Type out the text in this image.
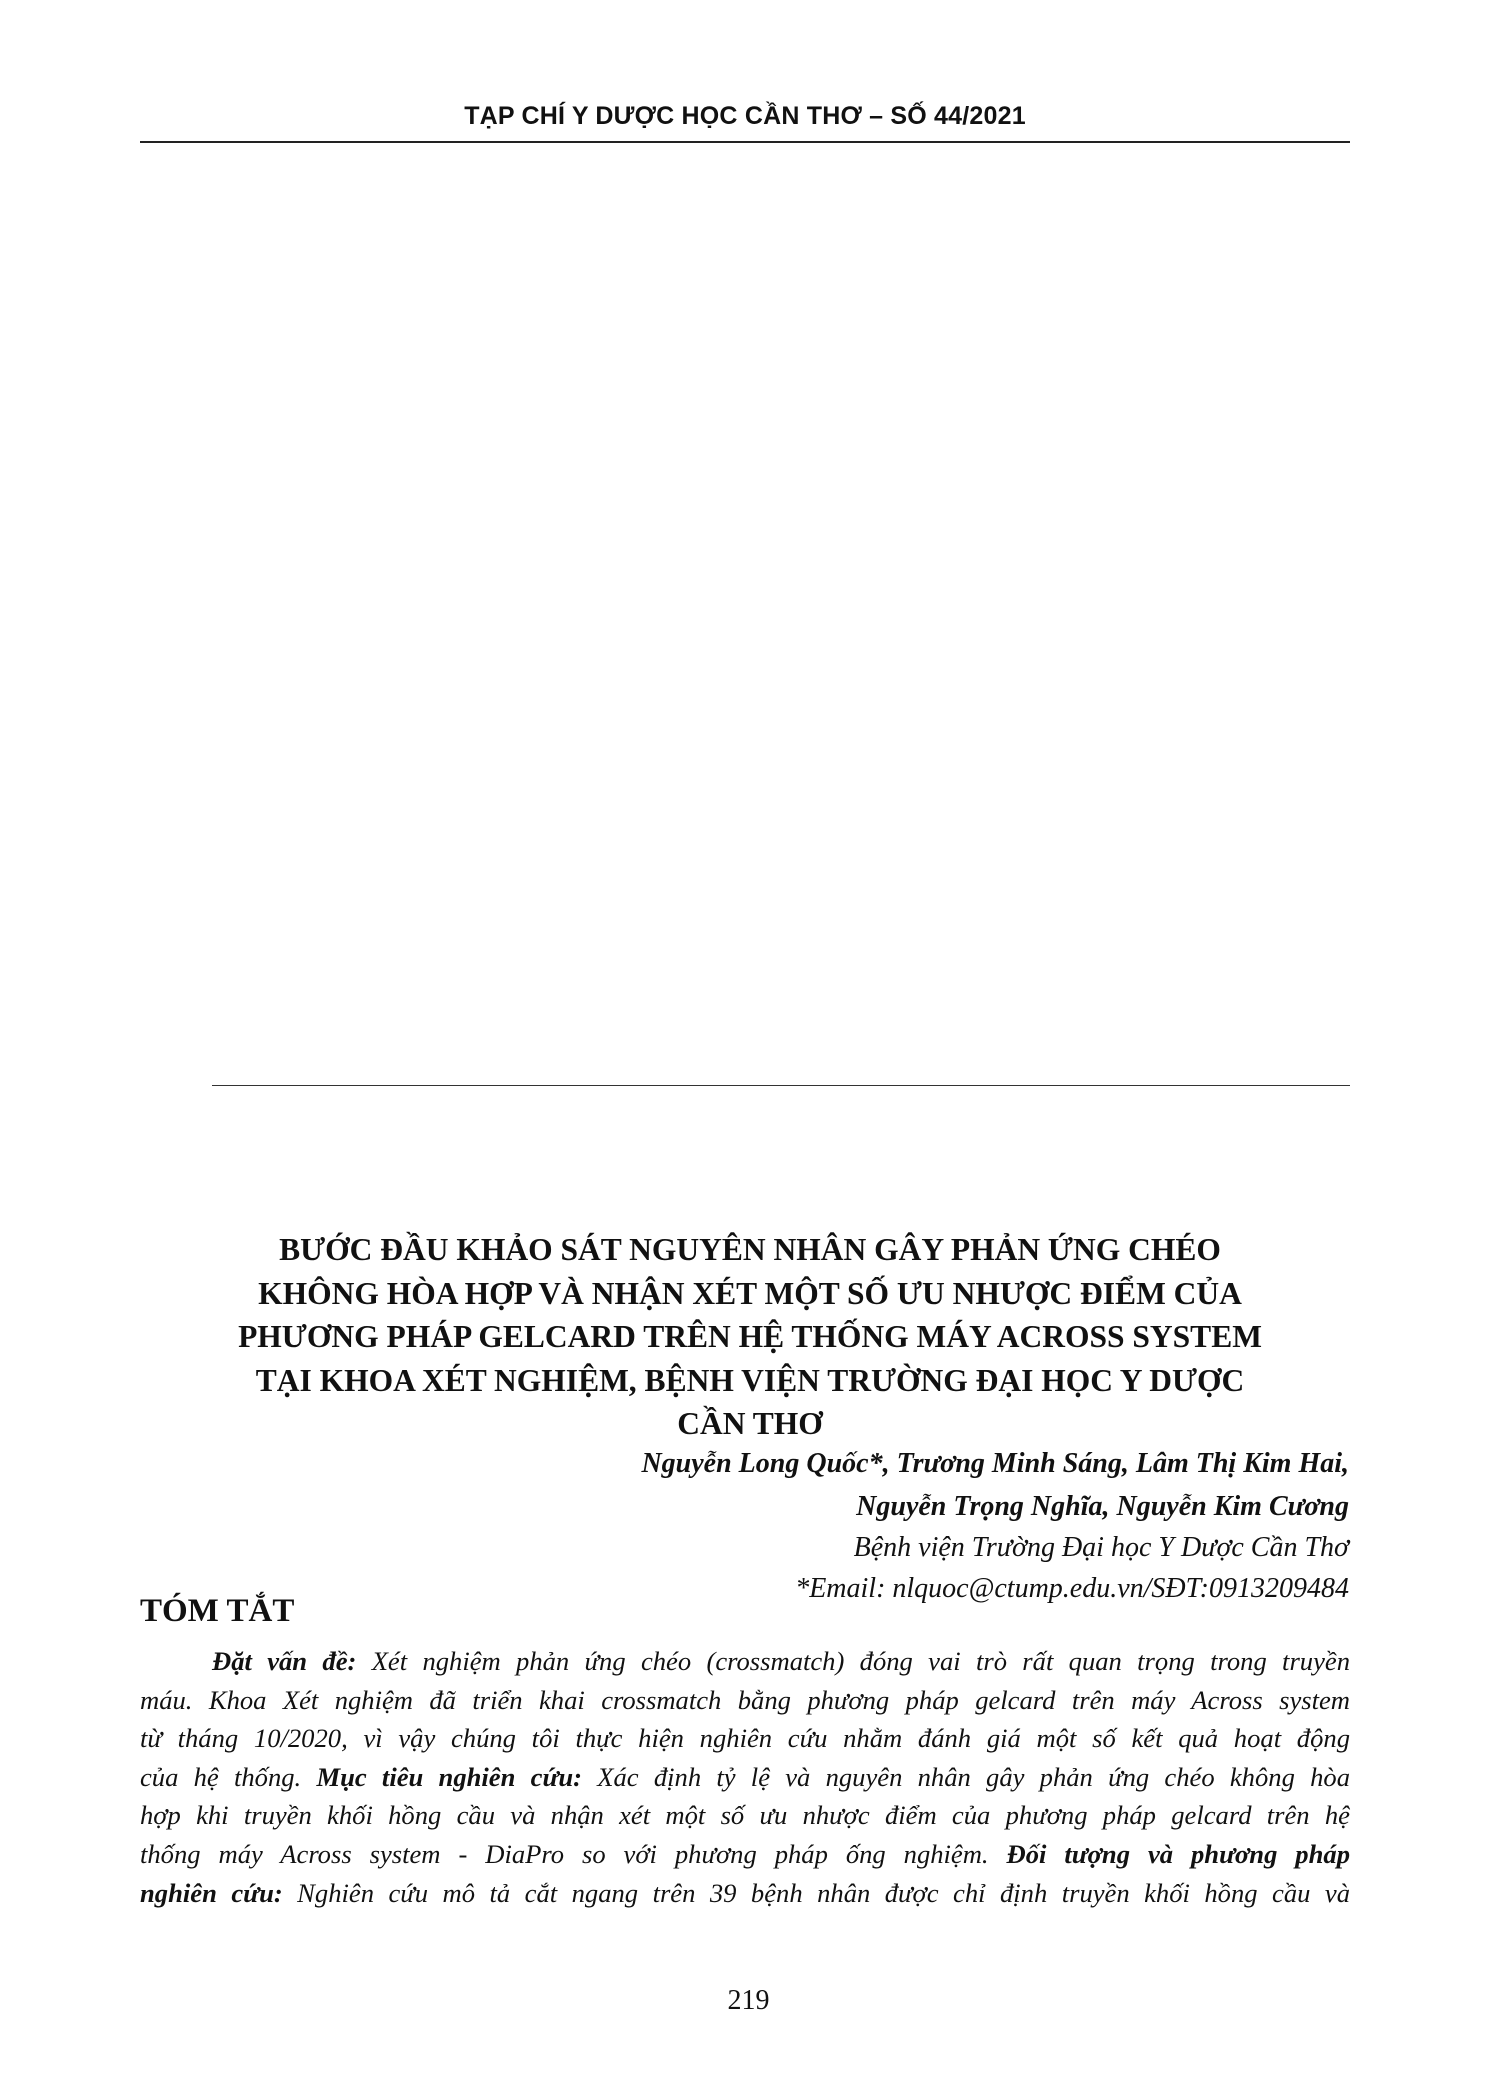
TẠP CHÍ Y DƯỢC HỌC CẦN THƠ – SỐ 44/2021
BƯỚC ĐẦU KHẢO SÁT NGUYÊN NHÂN GÂY PHẢN ỨNG CHÉO
KHÔNG HÒA HỢP VÀ NHẬN XÉT MỘT SỐ ƯU NHƯỢC ĐIỂM CỦA
PHƯƠNG PHÁP GELCARD TRÊN HỆ THỐNG MÁY ACROSS SYSTEM
TẠI KHOA XÉT NGHIỆM, BỆNH VIỆN TRƯỜNG ĐẠI HỌC Y DƯỢC
CẦN THƠ
Nguyễn Long Quốc*, Trương Minh Sáng, Lâm Thị Kim Hai,
Nguyễn Trọng Nghĩa, Nguyễn Kim Cương
Bệnh viện Trường Đại học Y Dược Cần Thơ
*Email: nlquoc@ctump.edu.vn/SĐT:0913209484
TÓM TẮT
Đặt vấn đề: Xét nghiệm phản ứng chéo (crossmatch) đóng vai trò rất quan trọng trong truyền
máu. Khoa Xét nghiệm đã triển khai crossmatch bằng phương pháp gelcard trên máy Across system
từ tháng 10/2020, vì vậy chúng tôi thực hiện nghiên cứu nhằm đánh giá một số kết quả hoạt động
của hệ thống. Mục tiêu nghiên cứu: Xác định tỷ lệ và nguyên nhân gây phản ứng chéo không hòa
hợp khi truyền khối hồng cầu và nhận xét một số ưu nhược điểm của phương pháp gelcard trên hệ
thống máy Across system - DiaPro so với phương pháp ống nghiệm. Đối tượng và phương pháp
nghiên cứu: Nghiên cứu mô tả cắt ngang trên 39 bệnh nhân được chỉ định truyền khối hồng cầu và
219
